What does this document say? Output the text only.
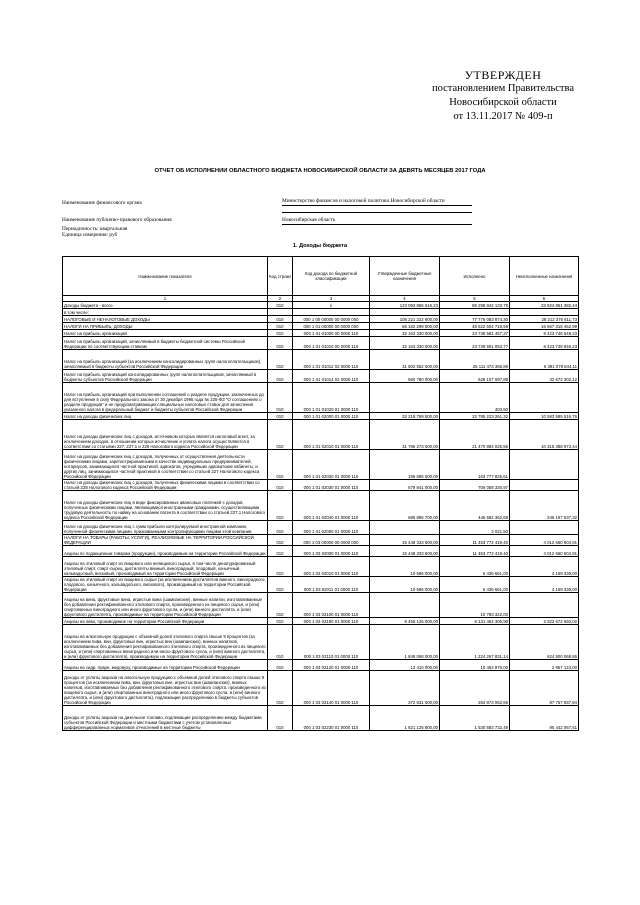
УТВЕРЖДЕН
постановлением Правительства
Новосибирской области
от 13.11.2017 № 409-п
ОТЧЕТ ОБ ИСПОЛНЕНИИ ОБЛАСТНОГО БЮДЖЕТА НОВОСИБИРСКОЙ ОБЛАСТИ ЗА ДЕВЯТЬ МЕСЯЦЕВ 2017 ГОДА
Наименование финансового органа	Министерство финансов и налоговой политики Новосибирской области
Наименование публично-правового образования	Новосибирская область
Периодичность: квартальная
Единица измерения: руб
1. Доходы бюджета
Наименование показателя	Код строки	Код дохода по бюджетной классификации	Утвержденные бюджетные назначения	Исполнено	Неисполненные назначения
1	2	3	4	5	6
Доходы бюджета - всего	010	x	123 093 866 516,23	89 298 842 133,79	33 824 851 382,44
в том числе:					
НАЛОГОВЫЕ И НЕНАЛОГОВЫЕ ДОХОДЫ	010	000 1 00 00000 00 0000 000	105 221 222 900,00	77 776 083 874,30	28 212 376 611,73
НАЛОГИ НА ПРИБЫЛЬ, ДОХОДЫ	010	000 1 01 00000 00 0000 000	65 182 299 500,00	48 522 604 718,59	16 667 315 462,99
Налог на прибыль организаций	010	000 1 01 01000 00 0000 110	32 163 330 000,00	23 739 581 457,27	8 423 748 549,23
Налог на прибыль организаций, зачисляемый в бюджеты бюджетной системы Российской Федерации по соответствующим ставкам	010	000 1 01 01010 00 0000 110	32 163 330 000,00	23 739 581 053,77	8 423 748 946,23
Налог на прибыль организаций (за исключением консолидированных групп налогоплательщиков), зачисляемый в бюджеты субъектов Российской Федерации	010	000 1 01 01012 02 0000 110	31 502 552 000,00	25 111 473 355,89	6 391 078 644,11
Налог на прибыль организаций консолидированных групп налогоплательщиков, зачисляемый в бюджеты субъектов Российской Федерации	010	000 1 01 01014 02 0000 110	660 780 000,00	628 107 697,88	32 672 302,12
Налог на прибыль организаций при выполнении соглашений о разделе продукции, заключенных до дня вступления в силу Федерального закона от 30 декабря 1995 года № 225-ФЗ "О соглашениях о разделе продукции" и не предусматривающих специальных налоговых ставок для зачисления указанного налога в федеральный бюджет и бюджеты субъектов Российской Федерации	010	000 1 01 01020 01 0000 110		403,50	
Налог на доходы физических лиц	010	000 1 01 02000 01 0000 110	33 218 769 500,00	22 785 223 261,32	10 583 585 516,76
Налог на доходы физических лиц с доходов, источником которых является налоговый агент, за исключением доходов, в отношении которых исчисление и уплата налога осуществляются в соответствии со статьями 227, 227.1 и 228 Налогового кодекса Российской Федерации	010	000 1 01 02010 01 0000 110	31 786 273 000,00	21 470 884 026,56	10 315 388 973,44
Налог на доходы физических лиц с доходов, полученных от осуществления деятельности физическими лицами, зарегистрированными в качестве индивидуальных предпринимателей, нотариусов, занимающихся частной практикой, адвокатов, учредивших адвокатские кабинеты, и других лиц, занимающихся частной практикой в соответствии со статьей 227 Налогового кодекса Российской Федерации	010	000 1 01 02020 01 0000 110	159 685 000,00	163 777 825,61	
Налог на доходы физических лиц с доходов, полученных физическими лицами в соответствии со статьей 228 Налогового кодекса Российской Федерации	010	000 1 01 02030 01 0000 110	579 841 000,00	706 058 330,97	
Налог на доходы физических лиц в виде фиксированных авансовых платежей с доходов, полученных физическими лицами, являющимися иностранными гражданами, осуществляющими трудовую деятельность по найму на основании патента в соответствии со статьей 227.1 Налогового кодекса Российской Федерации	010	000 1 01 02040 01 0000 110	686 895 700,00	445 582 362,68	246 197 537,32
Налог на доходы физических лиц с сумм прибыли контролируемой иностранной компании, полученной физическими лицами, признаваемыми контролирующими лицами этой компании	010	000 1 01 02050 01 0000 110		3 021,50	
НАЛОГИ НА ТОВАРЫ (РАБОТЫ, УСЛУГИ), РЕАЛИЗУЕМЫЕ НА ТЕРРИТОРИИ РОССИЙСКОЙ ФЕДЕРАЦИИ	010	000 1 03 00000 00 0000 000	15 448 333 600,00	11 453 772 419,40	4 012 660 604,91
Акцизы по подакцизным товарам (продукции), производимым на территории Российской Федерации	010	000 1 03 02000 01 0000 110	15 448 333 600,00	11 453 772 419,40	4 012 660 604,91
Акцизы на этиловый спирт из пищевого или непищевого сырья, в том числе денатурированный этиловый спирт, спирт-сырец, дистилляты винный, виноградный, плодовый, коньячный, кальвадосный, висковый, производимый на территории Российской Федерации	010	000 1 03 02010 01 0000 110	10 596 000,00	6 436 661,00	4 159 339,00
Акцизы на этиловый спирт из пищевого сырья (за исключением дистиллятов винного, виноградного, плодового, коньячного, кальвадосного, вискового), производимый на территории Российской Федерации	010	000 1 03 02011 01 0000 110	10 596 000,00	6 436 661,00	4 159 339,00
Акцизы на вина, фруктовые вина, игристые вина (шампанские), винные напитки, изготавливаемые без добавления ректификованного этилового спирта, произведенного из пищевого сырья, и (или) спиртованных виноградного или иного фруктового сусла, и (или) винного дистиллята, и (или) фруктового дистиллята, производимые на территории Российской Федерации	010	000 1 03 02100 01 0000 110		10 783 322,00	
Акцизы на пиво, производимое на территории Российской Федерации	010	000 1 03 02180 01 0000 110	8 455 125 000,00	6 131 452 306,98	2 323 672 693,02
Акцизы на алкогольную продукцию с объемной долей этилового спирта свыше 9 процентов (за исключением пива, вин, фруктовых вин, игристых вин (шампанских), винных напитков, изготавливаемых без добавления ректификованного этилового спирта, произведенного из пищевого сырья, и (или) спиртованных виноградного или иного фруктового сусла, и (или) винного дистиллята, и (или) фруктового дистиллята), производимую на территории Российской Федерации	010	000 1 03 02110 01 0000 110	1 849 068 000,00	1 224 267 831,14	624 800 068,86
Акцизы на сидр, пуаре, медовуху, производимые на территории Российской Федерации	010	000 1 03 02120 01 0000 110	13 410 000,00	10 452 876,00	2 957 124,00
Доходы от уплаты акцизов на алкогольную продукцию с объемной долей этилового спирта свыше 9 процентов (за исключением пива, вин, фруктовых вин, игристых вин (шампанских), винных напитков, изготавливаемых без добавления ректификованного этилового спирта, произведенного из пищевого сырья, и (или) спиртованных виноградного или иного фруктового сусла, и (или) винного дистиллята, и (или) фруктового дистиллята), подлежащие распределению в бюджеты субъектов Российской Федерации	010	000 1 03 02140 01 0000 110	372 631 000,00	284 873 062,66	87 757 937,84
Доходы от уплаты акцизов на дизельное топливо, подлежащие распределению между бюджетами субъектов Российской Федерации и местными бюджетами с учетом установленных дифференцированных нормативов отчислений в местные бюджеты	010	000 1 03 02230 01 0000 110	1 621 125 800,00	1 530 683 732,49	90 442 067,51
